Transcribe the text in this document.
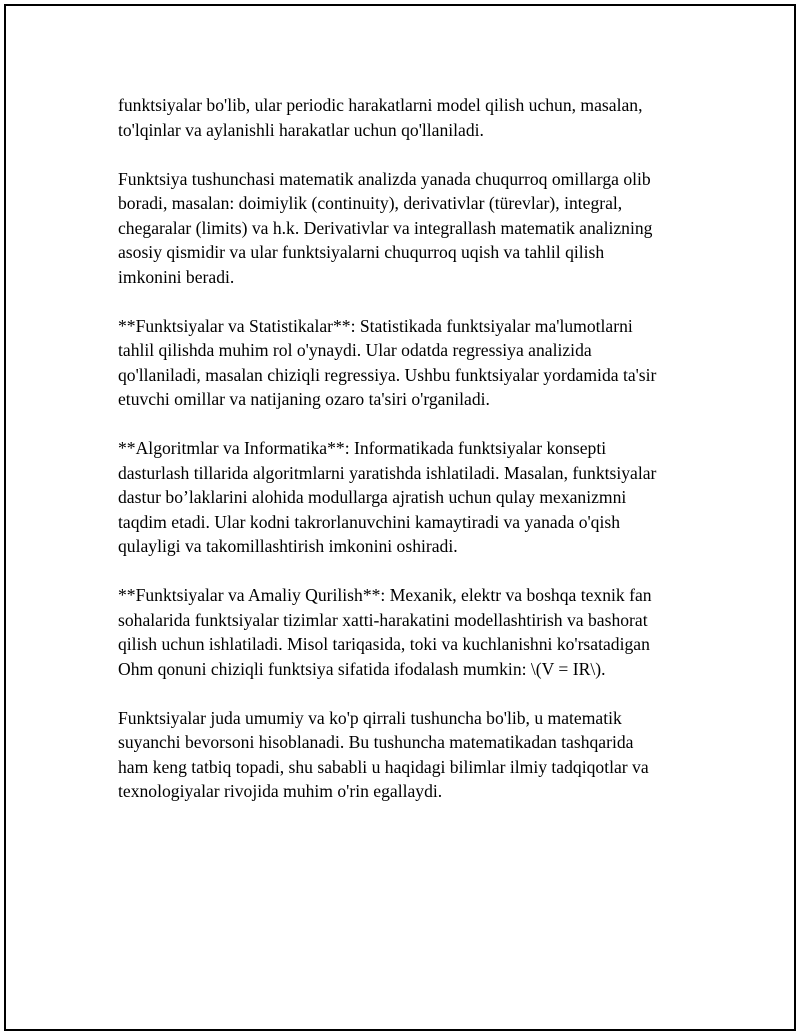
funktsiyalar bo'lib, ular periodic harakatlarni model qilish uchun, masalan,
to'lqinlar va aylanishli harakatlar uchun qo'llaniladi.

Funktsiya tushunchasi matematik analizda yanada chuqurroq omillarga olib
boradi, masalan: doimiylik (continuity), derivativlar (türevlar), integral,
chegaralar (limits) va h.k. Derivativlar va integrallash matematik analizning
asosiy qismidir va ular funktsiyalarni chuqurroq uqish va tahlil qilish
imkonini beradi.

**Funktsiyalar va Statistikalar**: Statistikada funktsiyalar ma'lumotlarni
tahlil qilishda muhim rol o'ynaydi. Ular odatda regressiya analizida
qo'llaniladi, masalan chiziqli regressiya. Ushbu funktsiyalar yordamida ta'sir
etuvchi omillar va natijaning ozaro ta'siri o'rganiladi.

**Algoritmlar va Informatika**: Informatikada funktsiyalar konsepti
dasturlash tillarida algoritmlarni yaratishda ishlatiladi. Masalan, funktsiyalar
dastur bo’laklarini alohida modullarga ajratish uchun qulay mexanizmni
taqdim etadi. Ular kodni takrorlanuvchini kamaytiradi va yanada o'qish
qulayligi va takomillashtirish imkonini oshiradi.

**Funktsiyalar va Amaliy Qurilish**: Mexanik, elektr va boshqa texnik fan
sohalarida funktsiyalar tizimlar xatti-harakatini modellashtirish va bashorat
qilish uchun ishlatiladi. Misol tariqasida, toki va kuchlanishni ko'rsatadigan
Ohm qonuni chiziqli funktsiya sifatida ifodalash mumkin: \(V = IR\).

Funktsiyalar juda umumiy va ko'p qirrali tushuncha bo'lib, u matematik
suyanchi bevorsoni hisoblanadi. Bu tushuncha matematikadan tashqarida
ham keng tatbiq topadi, shu sababli u haqidagi bilimlar ilmiy tadqiqotlar va
texnologiyalar rivojida muhim o'rin egallaydi.
